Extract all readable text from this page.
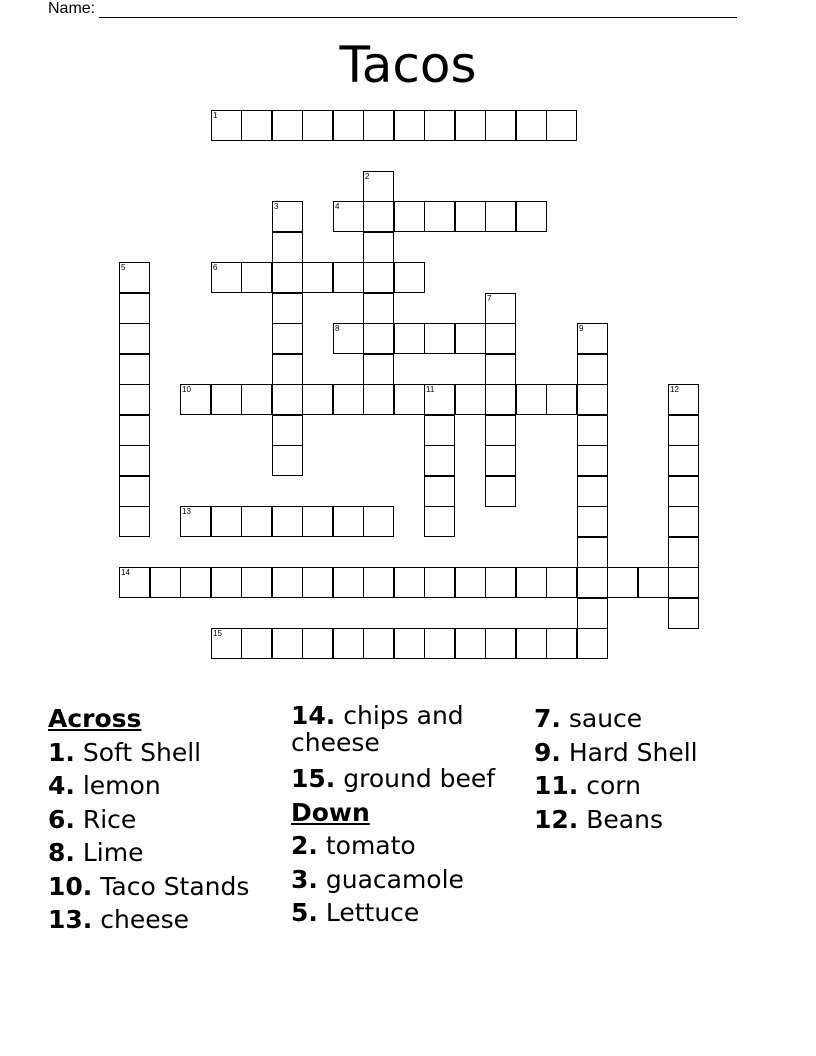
Name:
Tacos
1
2
4
3
5	6
7
8	9
10	11	12
13
14
15
Across
1. Soft Shell
4. lemon
6. Rice
8. Lime
10. Taco Stands
13. cheese
14. chips and cheese
15. ground beef
Down
2. tomato
3. guacamole
5. Lettuce
7. sauce
9. Hard Shell
11. corn
12. Beans
